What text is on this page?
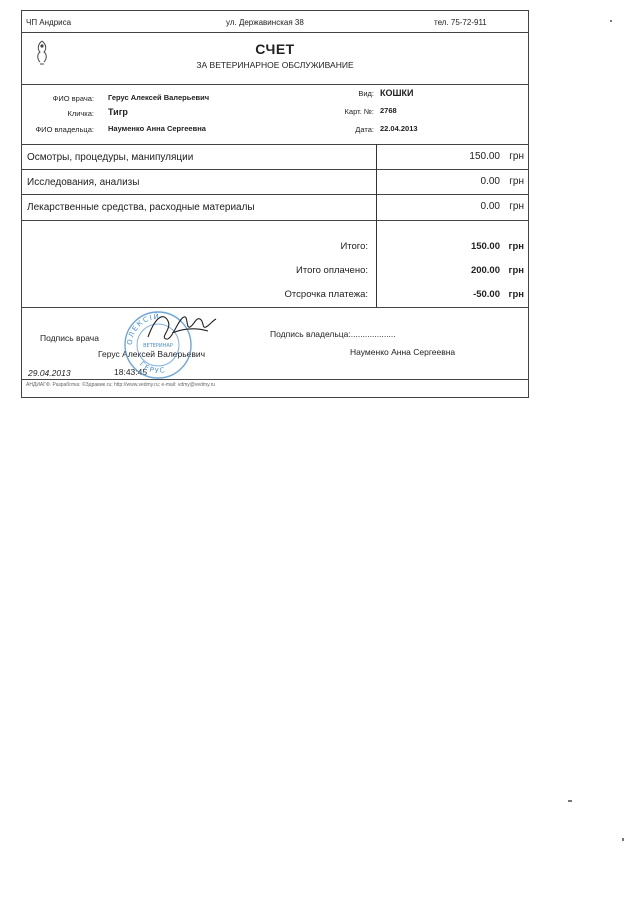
ЧП Андриса	ул. Державинская 38	тел. 75-72-911
СЧЕТ
ЗА ВЕТЕРИНАРНОЕ ОБСЛУЖИВАНИЕ
ФИО врача: Герус Алексей Валерьевич
Кличка: Тигр
ФИО владельца: Науменко Анна Сергеевна
Вид: КОШКИ
Карт. №: 2768
Дата: 22.04.2013
Осмотры, процедуры, манипуляции	150.00 грн
Исследования, анализы	0.00 грн
Лекарственные средства, расходные материалы	0.00 грн
Итого:	150.00 грн
Итого оплачено:	200.00 грн
Отсрочка платежа:	-50.00 грн
Подпись врача	Подпись владельца:...................
Герус Алексей Валерьевич	Науменко Анна Сергеевна
29.04.2013	18:43:45
ОЛЕКСІЙ
ВЕТЕРИНАР
ГЕРУС
АНДИАГФ. Разработка: ©Здравие.ru; http://www.vedmy.ru; e-mail: vdmy@vedmy.ru
